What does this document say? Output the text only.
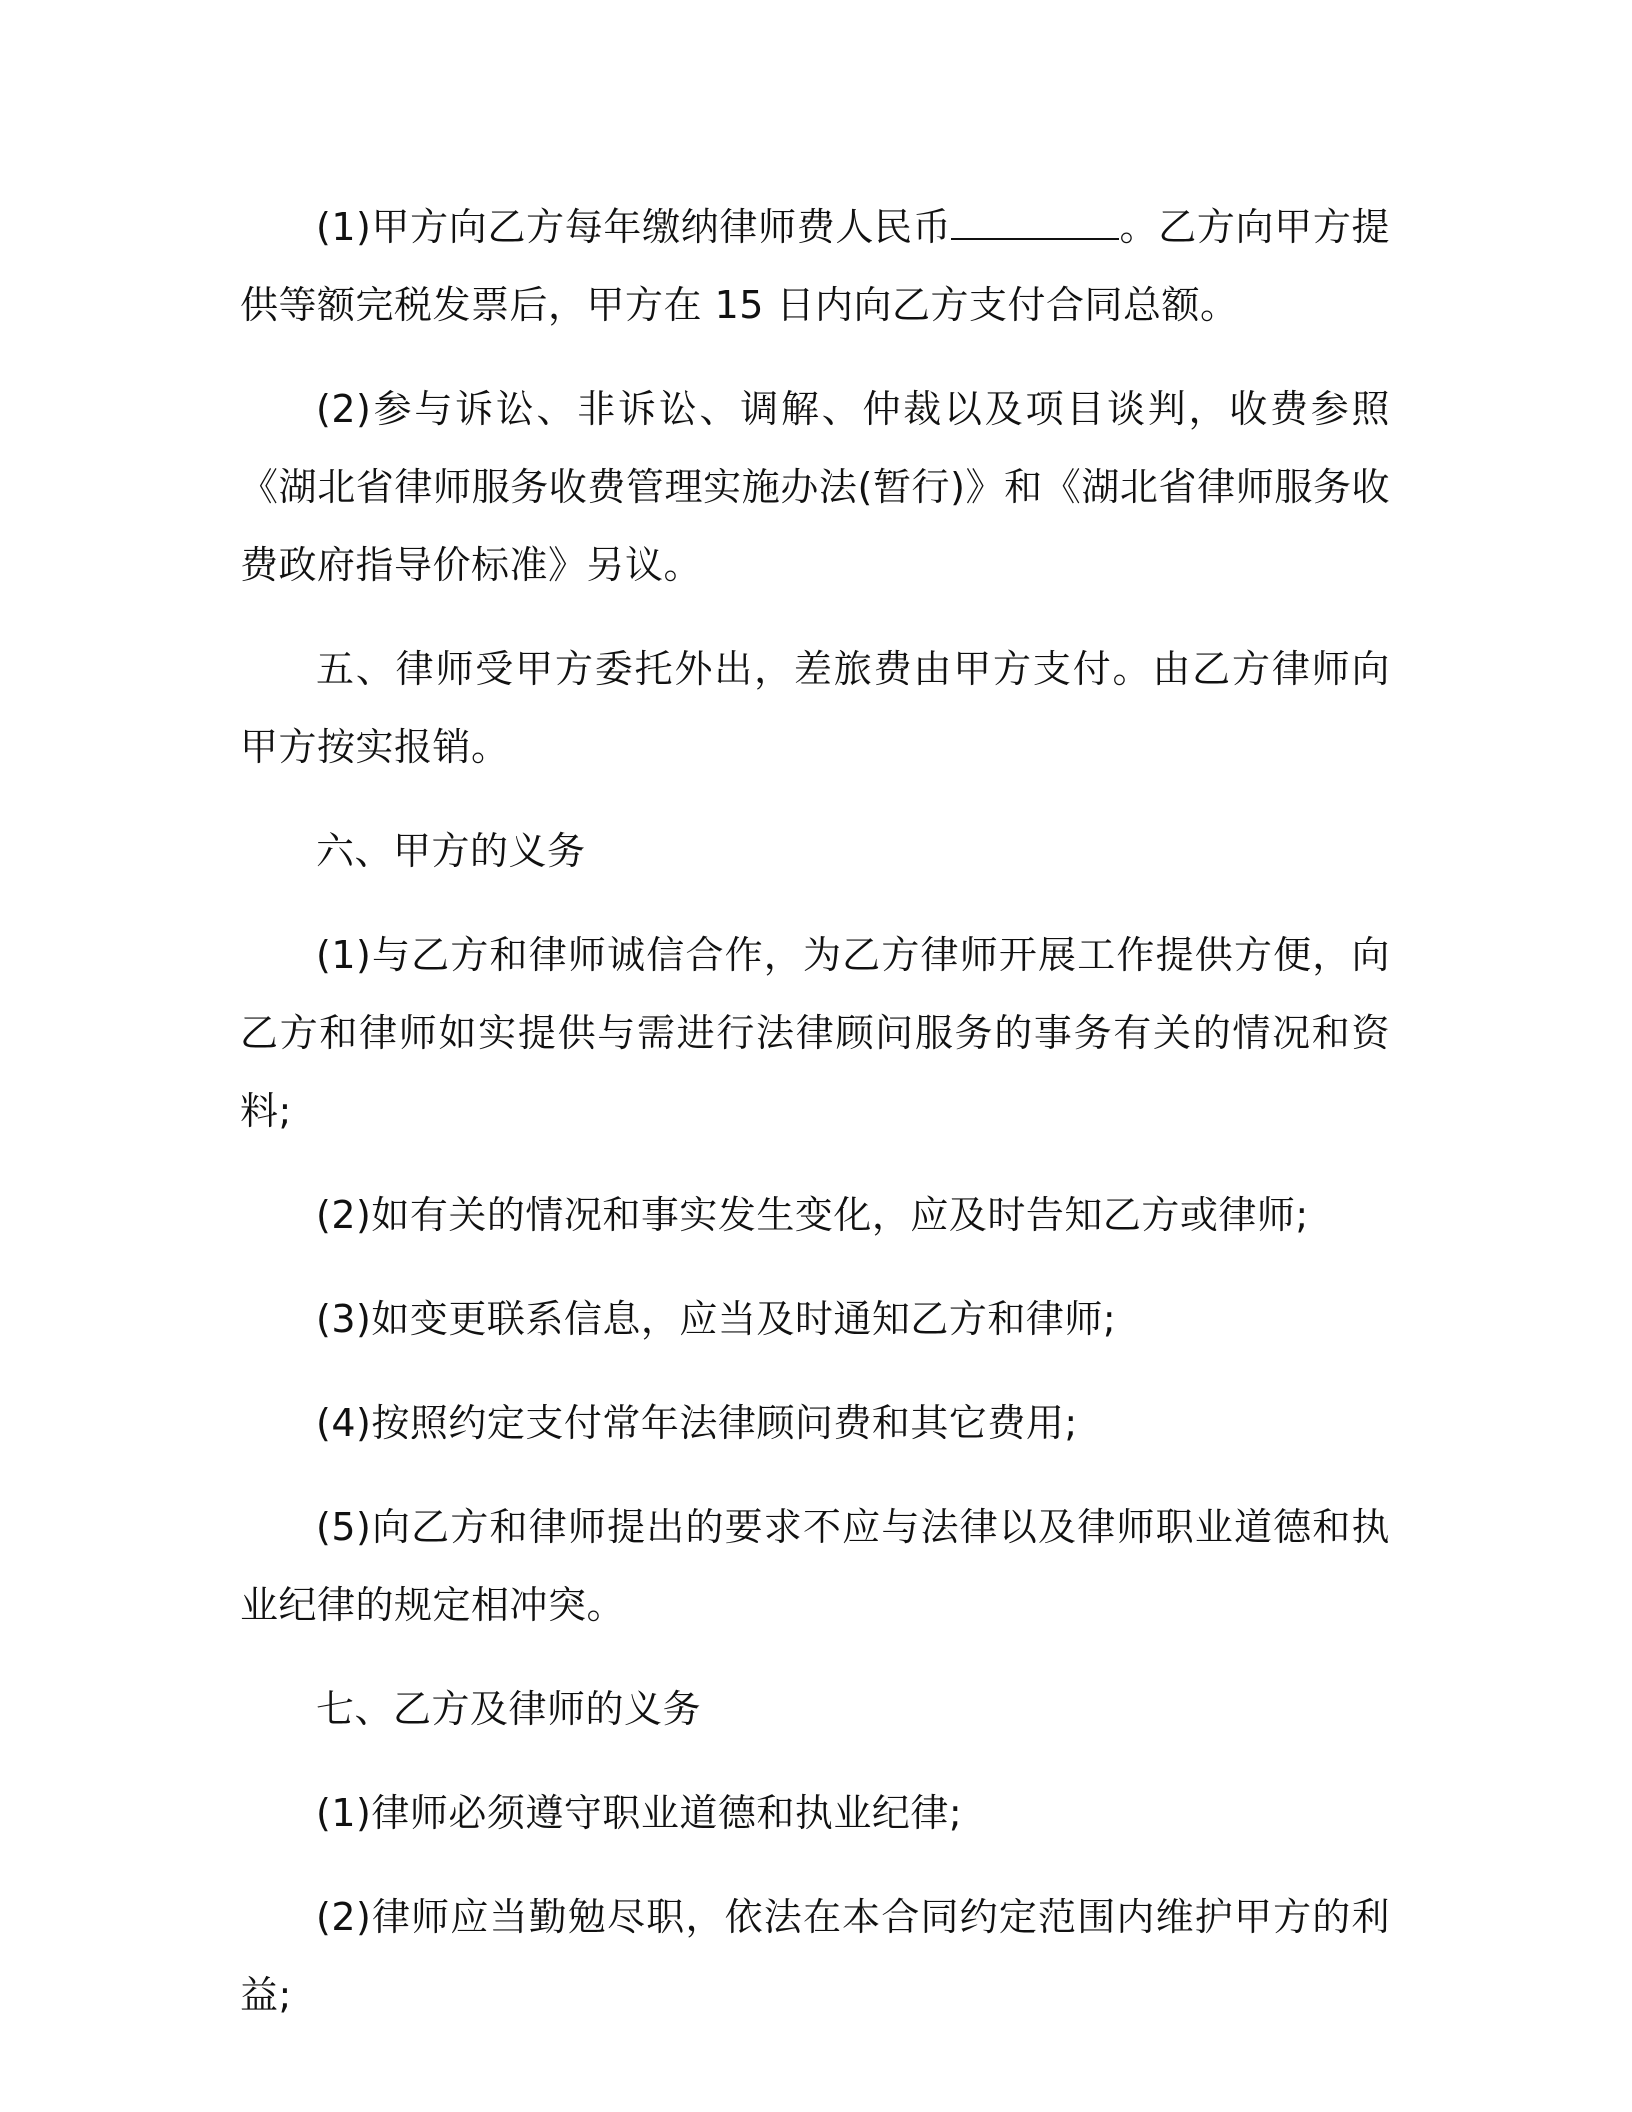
(1)甲方向乙方每年缴纳律师费人民币	。乙方向甲方提供等额完税发票后，甲方在 15 日内向乙方支付合同总额。

(2)参与诉讼、非诉讼、调解、仲裁以及项目谈判，收费参照《湖北省律师服务收费管理实施办法(暂行)》和《湖北省律师服务收费政府指导价标准》另议。

五、律师受甲方委托外出，差旅费由甲方支付。由乙方律师向甲方按实报销。

六、甲方的义务

(1)与乙方和律师诚信合作，为乙方律师开展工作提供方便，向乙方和律师如实提供与需进行法律顾问服务的事务有关的情况和资料;

(2)如有关的情况和事实发生变化，应及时告知乙方或律师;

(3)如变更联系信息，应当及时通知乙方和律师;

(4)按照约定支付常年法律顾问费和其它费用;

(5)向乙方和律师提出的要求不应与法律以及律师职业道德和执业纪律的规定相冲突。

七、乙方及律师的义务

(1)律师必须遵守职业道德和执业纪律;

(2)律师应当勤勉尽职，依法在本合同约定范围内维护甲方的利益;
